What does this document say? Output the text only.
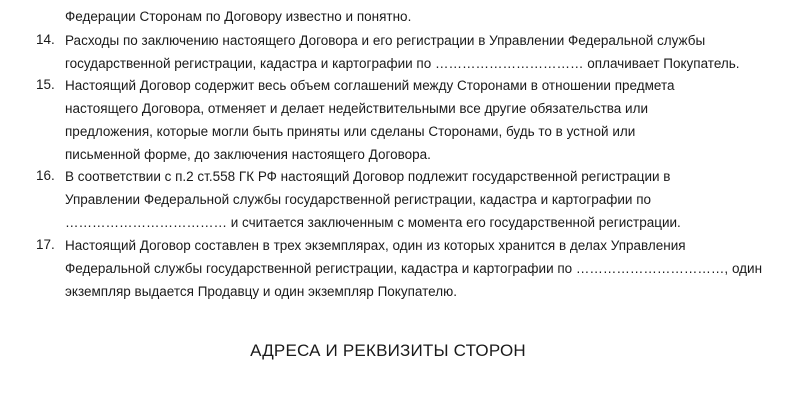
Федерации Сторонам по Договору известно и понятно.
14. Расходы по заключению настоящего Договора и его регистрации в Управлении Федеральной службы
государственной регистрации, кадастра и картографии по …………………………… оплачивает Покупатель.
15. Настоящий Договор содержит весь объем соглашений между Сторонами в отношении предмета
настоящего Договора, отменяет и делает недействительными все другие обязательства или
предложения, которые могли быть приняты или сделаны Сторонами, будь то в устной или
письменной форме, до заключения настоящего Договора.
16. В соответствии с п.2 ст.558 ГК РФ настоящий Договор подлежит государственной регистрации в
Управлении Федеральной службы государственной регистрации, кадастра и картографии по
……………………………… и считается заключенным с момента его государственной регистрации.
17. Настоящий Договор составлен в трех экземплярах, один из которых хранится в делах Управления
Федеральной службы государственной регистрации, кадастра и картографии по ……………………………, один
экземпляр выдается Продавцу и один экземпляр Покупателю.
АДРЕСА И РЕКВИЗИТЫ СТОРОН
